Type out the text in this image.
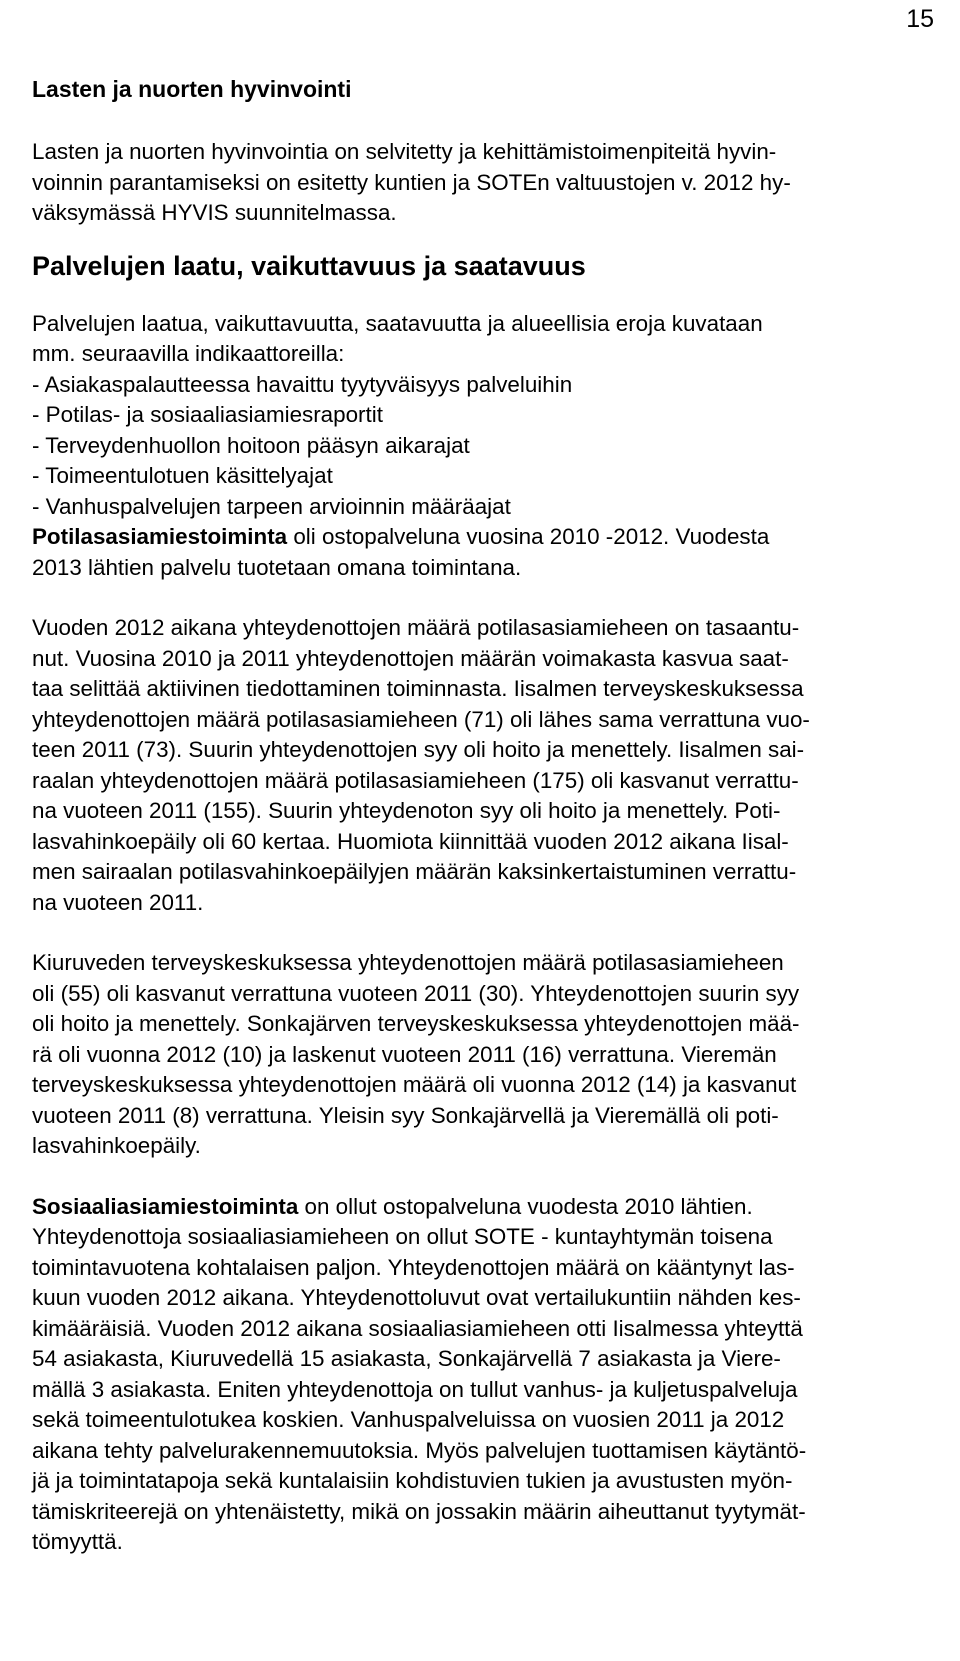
15
Lasten ja nuorten hyvinvointi

Lasten ja nuorten hyvinvointia on selvitetty ja kehittämistoimenpiteitä hyvin-
voinnin parantamiseksi on esitetty kuntien ja SOTEn valtuustojen v. 2012 hy-
väksymässä HYVIS suunnitelmassa.

Palvelujen laatu, vaikuttavuus ja saatavuus

Palvelujen laatua, vaikuttavuutta, saatavuutta ja alueellisia eroja kuvataan
mm. seuraavilla indikaattoreilla:

- Asiakaspalautteessa havaittu tyytyväisyys palveluihin
- Potilas- ja sosiaaliasiamiesraportit
- Terveydenhuollon hoitoon pääsyn aikarajat
- Toimeentulotuen käsittelyajat
- Vanhuspalvelujen tarpeen arvioinnin määräajat

Potilasasiamiestoiminta oli ostopalveluna vuosina 2010 -2012. Vuodesta
2013 lähtien palvelu tuotetaan omana toimintana.

Vuoden 2012 aikana yhteydenottojen määrä potilasasiamieheen on tasaantu-
nut. Vuosina 2010 ja 2011 yhteydenottojen määrän voimakasta kasvua saat-
taa selittää aktiivinen tiedottaminen toiminnasta. Iisalmen terveyskeskuksessa
yhteydenottojen määrä potilasasiamieheen (71) oli lähes sama verrattuna vuo-
teen 2011 (73). Suurin yhteydenottojen syy oli hoito ja menettely. Iisalmen sai-
raalan yhteydenottojen määrä potilasasiamieheen (175) oli kasvanut verrattu-
na vuoteen 2011 (155). Suurin yhteydenoton syy oli hoito ja menettely. Poti-
lasvahinkoepäily oli 60 kertaa. Huomiota kiinnittää vuoden 2012 aikana Iisal-
men sairaalan potilasvahinkoepäilyjen määrän kaksinkertaistuminen verrattu-
na vuoteen 2011.

Kiuruveden terveyskeskuksessa yhteydenottojen määrä potilasasiamieheen
oli (55) oli kasvanut verrattuna vuoteen 2011 (30). Yhteydenottojen suurin syy
oli hoito ja menettely. Sonkajärven terveyskeskuksessa yhteydenottojen mää-
rä oli vuonna 2012 (10) ja laskenut vuoteen 2011 (16) verrattuna. Vieremän
terveyskeskuksessa yhteydenottojen määrä oli vuonna 2012 (14) ja kasvanut
vuoteen 2011 (8) verrattuna. Yleisin syy Sonkajärvellä ja Vieremällä oli poti-
lasvahinkoepäily.

Sosiaaliasiamiestoiminta on ollut ostopalveluna vuodesta 2010 lähtien.
Yhteydenottoja sosiaaliasiamieheen on ollut SOTE - kuntayhtymän toisena
toimintavuotena kohtalaisen paljon. Yhteydenottojen määrä on kääntynyt las-
kuun vuoden 2012 aikana. Yhteydenottoluvut ovat vertailukuntiin nähden kes-
kimääräisiä. Vuoden 2012 aikana sosiaaliasiamieheen otti Iisalmessa yhteyttä
54 asiakasta, Kiuruvedellä 15 asiakasta, Sonkajärvellä 7 asiakasta ja Viere-
mällä 3 asiakasta. Eniten yhteydenottoja on tullut vanhus- ja kuljetuspalveluja
sekä toimeentulotukea koskien. Vanhuspalveluissa on vuosien 2011 ja 2012
aikana tehty palvelurakennemuutoksia. Myös palvelujen tuottamisen käytäntö-
jä ja toimintatapoja sekä kuntalaisiin kohdistuvien tukien ja avustusten myön-
tämiskriteerejä on yhtenäistetty, mikä on jossakin määrin aiheuttanut tyytymät-
tömyyttä.
